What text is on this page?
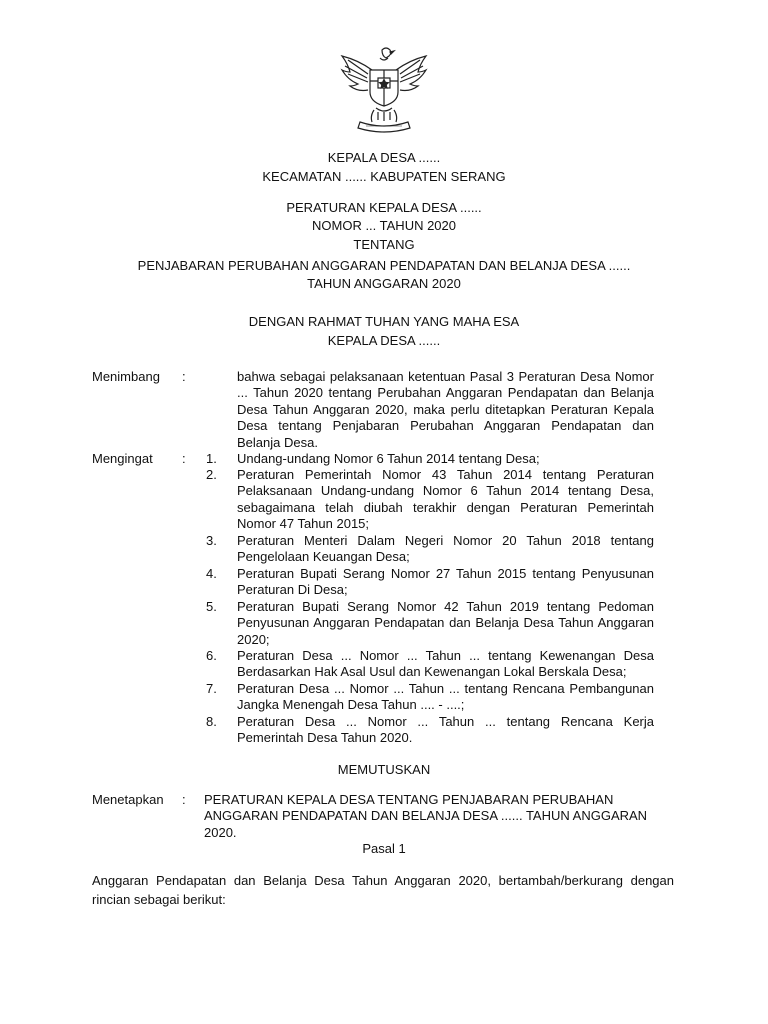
KEPALA DESA ......
KECAMATAN ...... KABUPATEN SERANG
PERATURAN KEPALA DESA ......
NOMOR ... TAHUN 2020
TENTANG
PENJABARAN PERUBAHAN ANGGARAN PENDAPATAN DAN BELANJA DESA ......
TAHUN ANGGARAN 2020
DENGAN RAHMAT TUHAN YANG MAHA ESA
KEPALA DESA ......
Menimbang :	bahwa sebagai pelaksanaan ketentuan Pasal 3 Peraturan Desa Nomor ... Tahun 2020 tentang Perubahan Anggaran Pendapatan dan Belanja Desa Tahun Anggaran 2020, maka perlu ditetapkan Peraturan Kepala Desa tentang Penjabaran Perubahan Anggaran Pendapatan dan Belanja Desa.
Mengingat : 1.	Undang-undang Nomor 6 Tahun 2014 tentang Desa;
2.	Peraturan Pemerintah Nomor 43 Tahun 2014 tentang Peraturan Pelaksanaan Undang-undang Nomor 6 Tahun 2014 tentang Desa, sebagaimana telah diubah terakhir dengan Peraturan Pemerintah Nomor 47 Tahun 2015;
3.	Peraturan Menteri Dalam Negeri Nomor 20 Tahun 2018 tentang Pengelolaan Keuangan Desa;
4.	Peraturan Bupati Serang Nomor 27 Tahun 2015 tentang Penyusunan Peraturan Di Desa;
5.	Peraturan Bupati Serang Nomor 42 Tahun 2019 tentang Pedoman Penyusunan Anggaran Pendapatan dan Belanja Desa Tahun Anggaran 2020;
6.	Peraturan Desa ... Nomor ... Tahun ... tentang Kewenangan Desa Berdasarkan Hak Asal Usul dan Kewenangan Lokal Berskala Desa;
7.	Peraturan Desa ... Nomor ... Tahun ... tentang Rencana Pembangunan Jangka Menengah Desa Tahun .... - ....;
8.	Peraturan Desa ... Nomor ... Tahun ... tentang Rencana Kerja Pemerintah Desa Tahun 2020.
MEMUTUSKAN
Menetapkan : PERATURAN KEPALA DESA TENTANG PENJABARAN PERUBAHAN ANGGARAN PENDAPATAN DAN BELANJA DESA ...... TAHUN ANGGARAN 2020.
Pasal 1
Anggaran Pendapatan dan Belanja Desa Tahun Anggaran 2020, bertambah/berkurang dengan rincian sebagai berikut:
